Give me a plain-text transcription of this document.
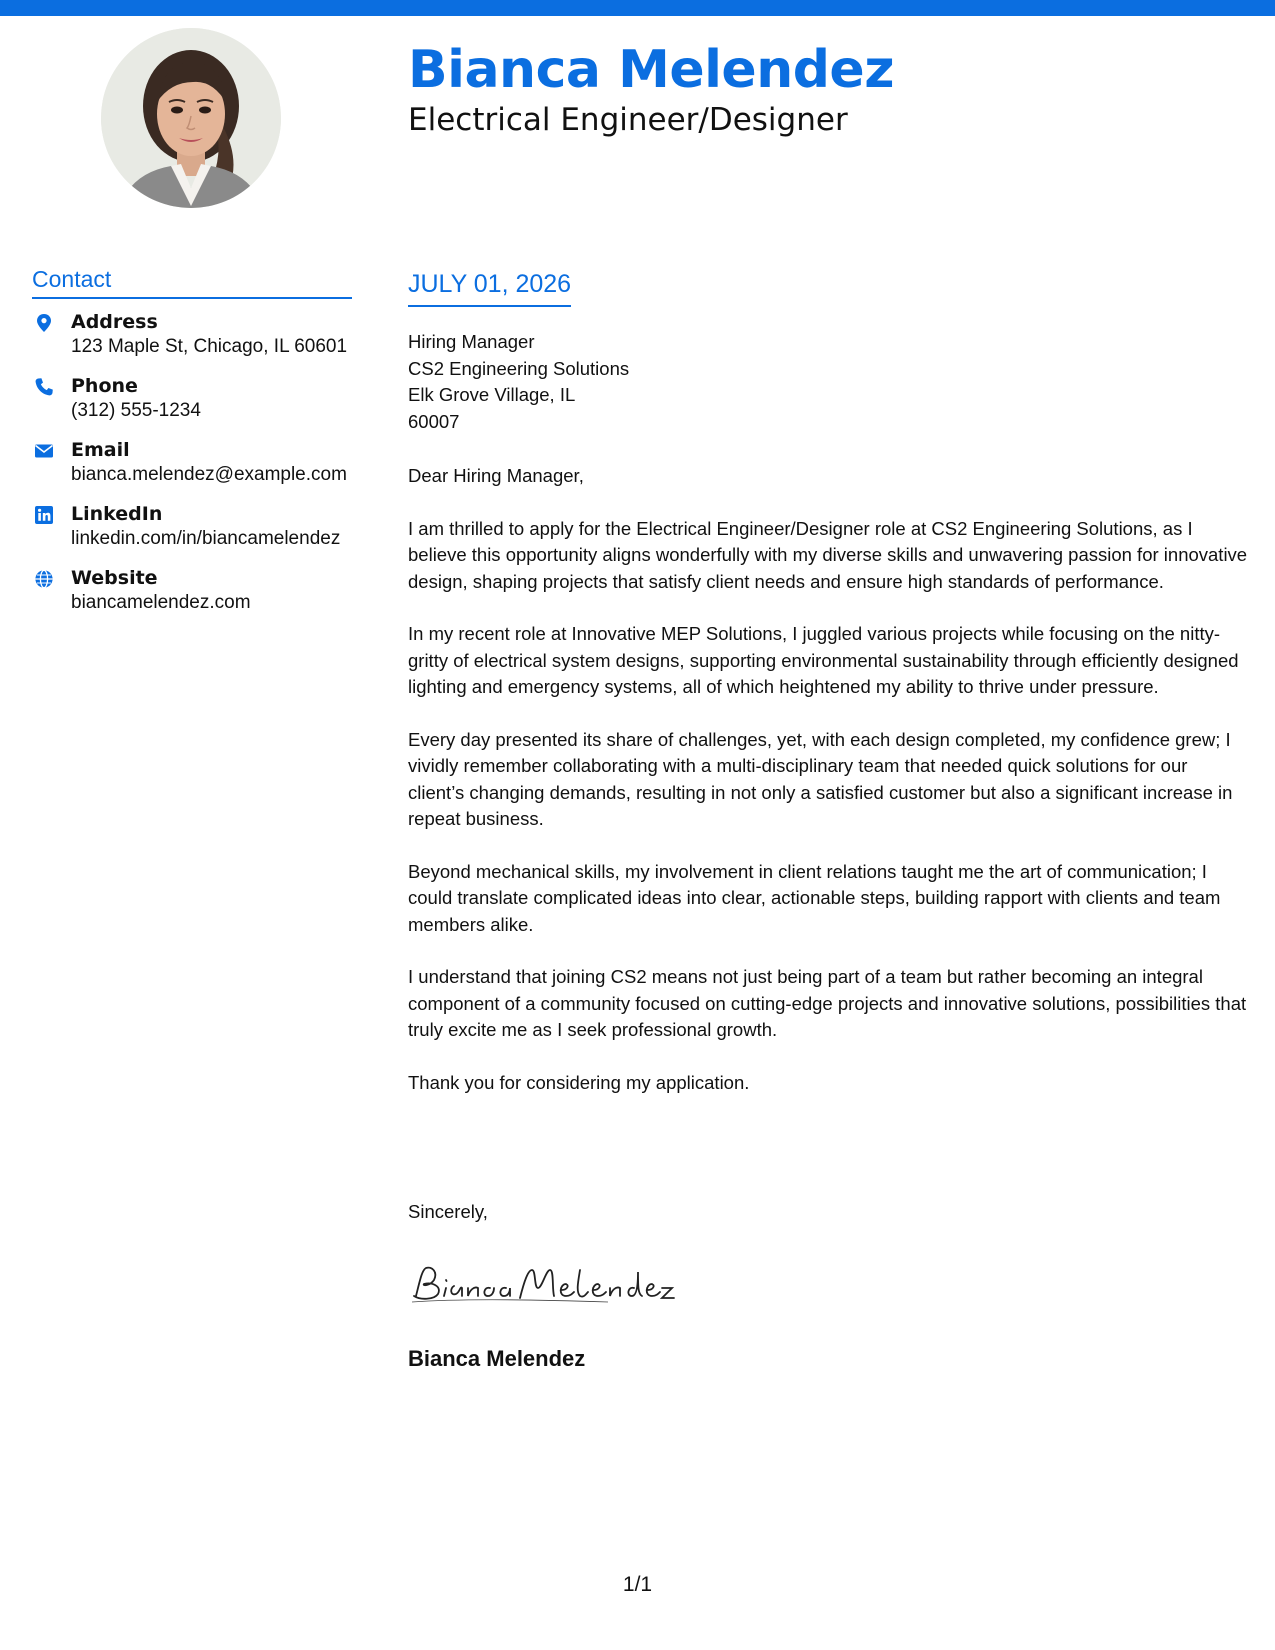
Bianca Melendez
Electrical Engineer/Designer
Contact
Address
123 Maple St, Chicago, IL 60601
Phone
(312) 555-1234
Email
bianca.melendez@example.com
LinkedIn
linkedin.com/in/biancamelendez
Website
biancamelendez.com
JULY 01, 2026
Hiring Manager
CS2 Engineering Solutions
Elk Grove Village, IL
60007

Dear Hiring Manager,

I am thrilled to apply for the Electrical Engineer/Designer role at CS2 Engineering Solutions, as I believe this opportunity aligns wonderfully with my diverse skills and unwavering passion for innovative design, shaping projects that satisfy client needs and ensure high standards of performance.

In my recent role at Innovative MEP Solutions, I juggled various projects while focusing on the nitty-gritty of electrical system designs, supporting environmental sustainability through efficiently designed lighting and emergency systems, all of which heightened my ability to thrive under pressure.

Every day presented its share of challenges, yet, with each design completed, my confidence grew; I vividly remember collaborating with a multi-disciplinary team that needed quick solutions for our client’s changing demands, resulting in not only a satisfied customer but also a significant increase in repeat business.

Beyond mechanical skills, my involvement in client relations taught me the art of communication; I could translate complicated ideas into clear, actionable steps, building rapport with clients and team members alike.

I understand that joining CS2 means not just being part of a team but rather becoming an integral component of a community focused on cutting-edge projects and innovative solutions, possibilities that truly excite me as I seek professional growth.

Thank you for considering my application.

Sincerely,
Bianca Melendez
1/1
